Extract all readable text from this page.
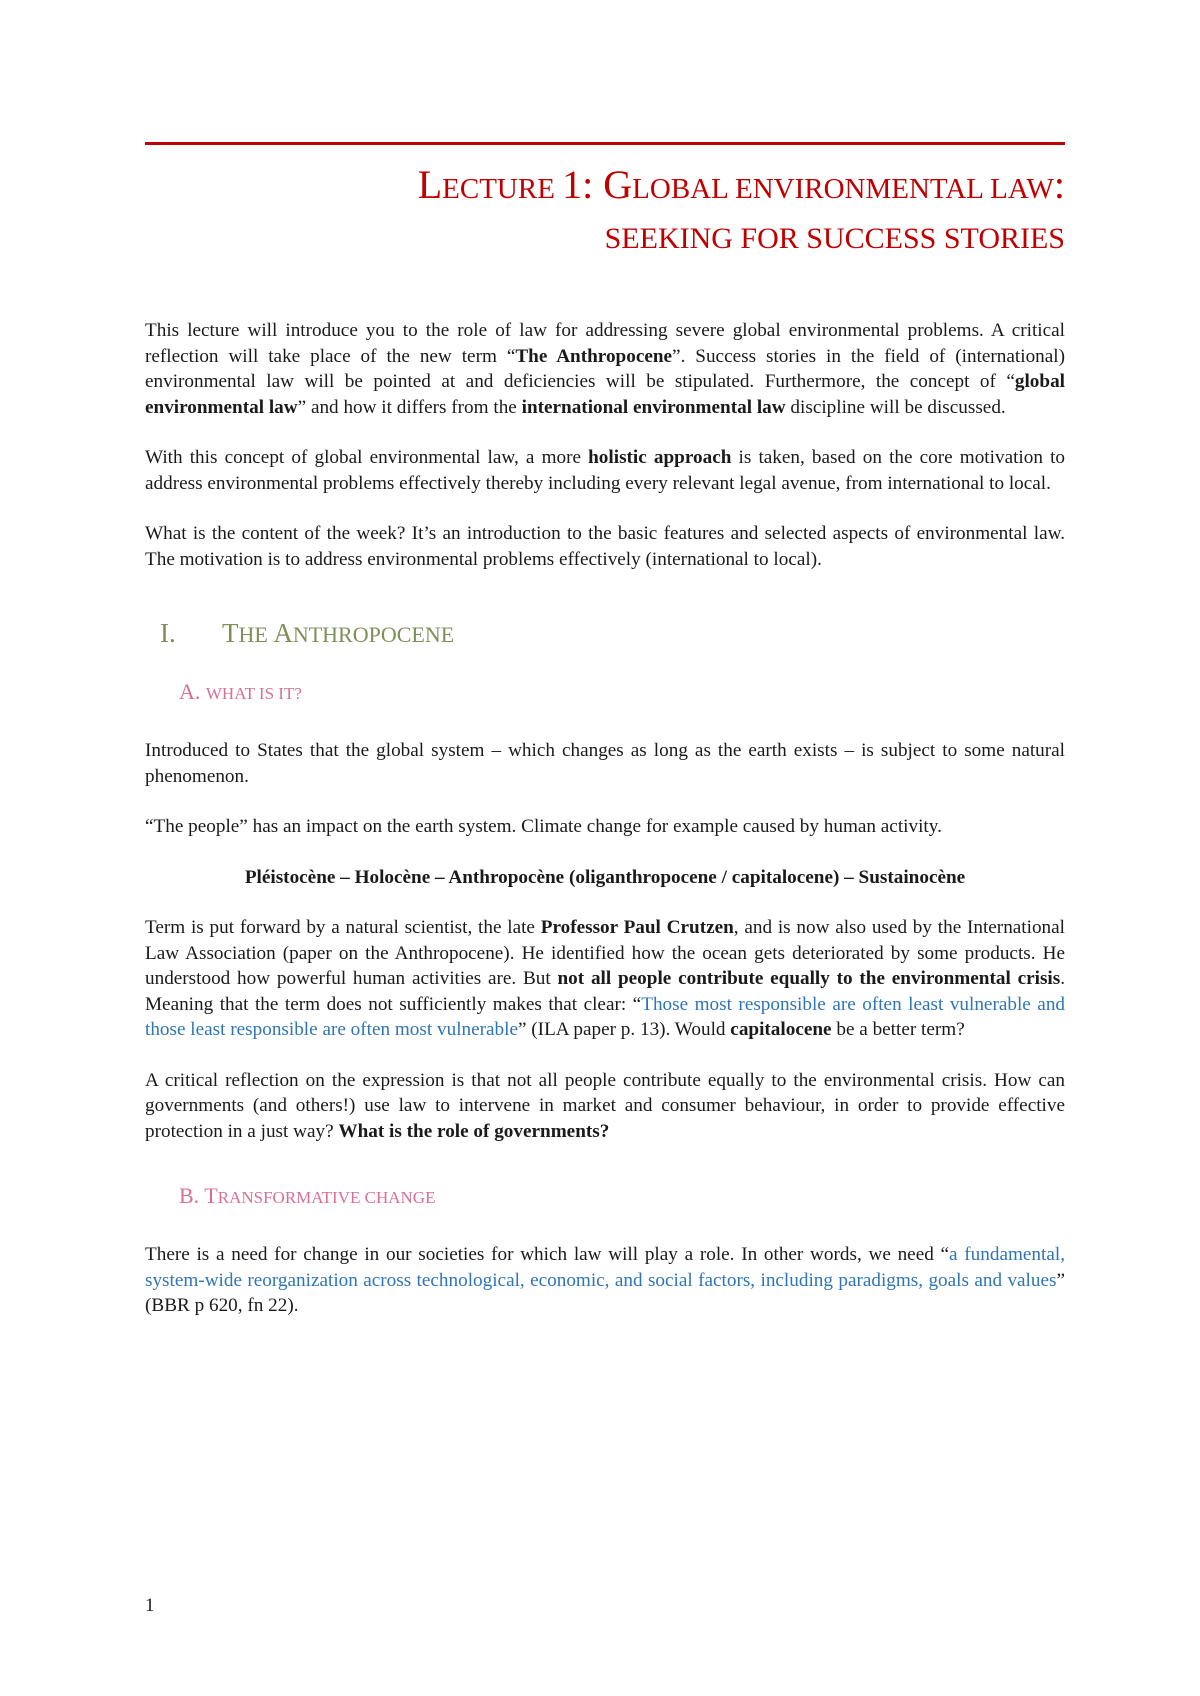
LECTURE 1: GLOBAL ENVIRONMENTAL LAW:
SEEKING FOR SUCCESS STORIES

This lecture will introduce you to the role of law for addressing severe global environmental problems. A critical reflection will take place of the new term “The Anthropocene”. Success stories in the field of (international) environmental law will be pointed at and deficiencies will be stipulated. Furthermore, the concept of “global environmental law” and how it differs from the international environmental law discipline will be discussed.

With this concept of global environmental law, a more holistic approach is taken, based on the core motivation to address environmental problems effectively thereby including every relevant legal avenue, from international to local.

What is the content of the week? It’s an introduction to the basic features and selected aspects of environmental law. The motivation is to address environmental problems effectively (international to local).

I.	THE ANTHROPOCENE
A. WHAT IS IT?

Introduced to States that the global system – which changes as long as the earth exists – is subject to some natural phenomenon.

“The people” has an impact on the earth system. Climate change for example caused by human activity.

Pléistocène – Holocène – Anthropocène (oliganthropocene / capitalocene) – Sustainocène

Term is put forward by a natural scientist, the late Professor Paul Crutzen, and is now also used by the International Law Association (paper on the Anthropocene). He identified how the ocean gets deteriorated by some products. He understood how powerful human activities are. But not all people contribute equally to the environmental crisis. Meaning that the term does not sufficiently makes that clear: “Those most responsible are often least vulnerable and those least responsible are often most vulnerable” (ILA paper p. 13). Would capitalocene be a better term?

A critical reflection on the expression is that not all people contribute equally to the environmental crisis. How can governments (and others!) use law to intervene in market and consumer behaviour, in order to provide effective protection in a just way? What is the role of governments?

B. TRANSFORMATIVE CHANGE

There is a need for change in our societies for which law will play a role. In other words, we need “a fundamental, system-wide reorganization across technological, economic, and social factors, including paradigms, goals and values” (BBR p 620, fn 22).

1
